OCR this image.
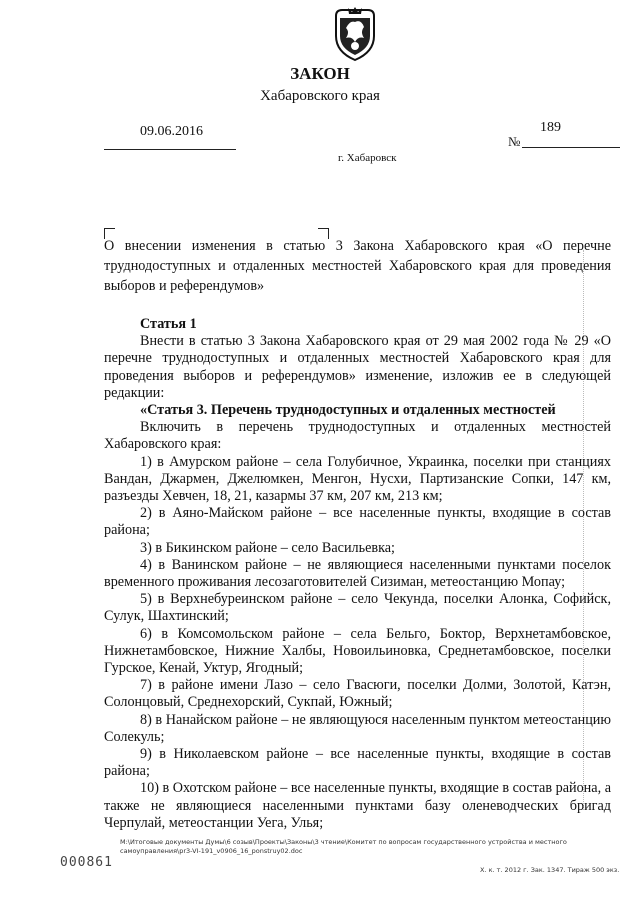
ЗАКОН
Хабаровского края
09.06.2016
№
189
г. Хабаровск
О внесении изменения в статью 3 Закона Хабаровского края «О перечне труднодоступных и отдаленных местностей Хабаровского края для проведения выборов и референдумов»

Статья 1

Внести в статью 3 Закона Хабаровского края от 29 мая 2002 года № 29 «О перечне труднодоступных и отдаленных местностей Хабаровского края для проведения выборов и референдумов» изменение, изложив ее в следующей редакции:

«Статья 3. Перечень труднодоступных и отдаленных местностей

Включить в перечень труднодоступных и отдаленных местностей Хабаровского края:

1) в Амурском районе – села Голубичное, Украинка, поселки при станциях Вандан, Джармен, Джелюмкен, Менгон, Нусхи, Партизанские Сопки, 147 км, разъезды Хевчен, 18, 21, казармы 37 км, 207 км, 213 км;

2) в Аяно-Майском районе – все населенные пункты, входящие в состав района;

3) в Бикинском районе – село Васильевка;

4) в Ванинском районе – не являющиеся населенными пунктами поселок временного проживания лесозаготовителей Сизиман, метеостанцию Мопау;

5) в Верхнебуреинском районе – село Чекунда, поселки Алонка, Софийск, Сулук, Шахтинский;

6) в Комсомольском районе – села Бельго, Боктор, Верхнетамбовское, Нижнетамбовское, Нижние Халбы, Новоильиновка, Среднетамбовское, поселки Гурское, Кенай, Уктур, Ягодный;

7) в районе имени Лазо – село Гвасюги, поселки Долми, Золотой, Катэн, Солонцовый, Среднехорский, Сукпай, Южный;

8) в Нанайском районе – не являющуюся населенным пунктом метеостанцию Солекуль;

9) в Николаевском районе – все населенные пункты, входящие в состав района;

10) в Охотском районе – все населенные пункты, входящие в состав района, а также не являющиеся населенными пунктами базу оленеводческих бригад Черпулай, метеостанции Уега, Улья;

M:\Итоговые документы Думы\6 созыв\Проекты\Законы\3 чтение\Комитет по вопросам государственного устройства и местного самоуправления\pr3-VI-191_v0906_16_ponstruy02.doc
000861	Х. к. т. 2012 г. Зак. 1347. Тираж 500 экз.
